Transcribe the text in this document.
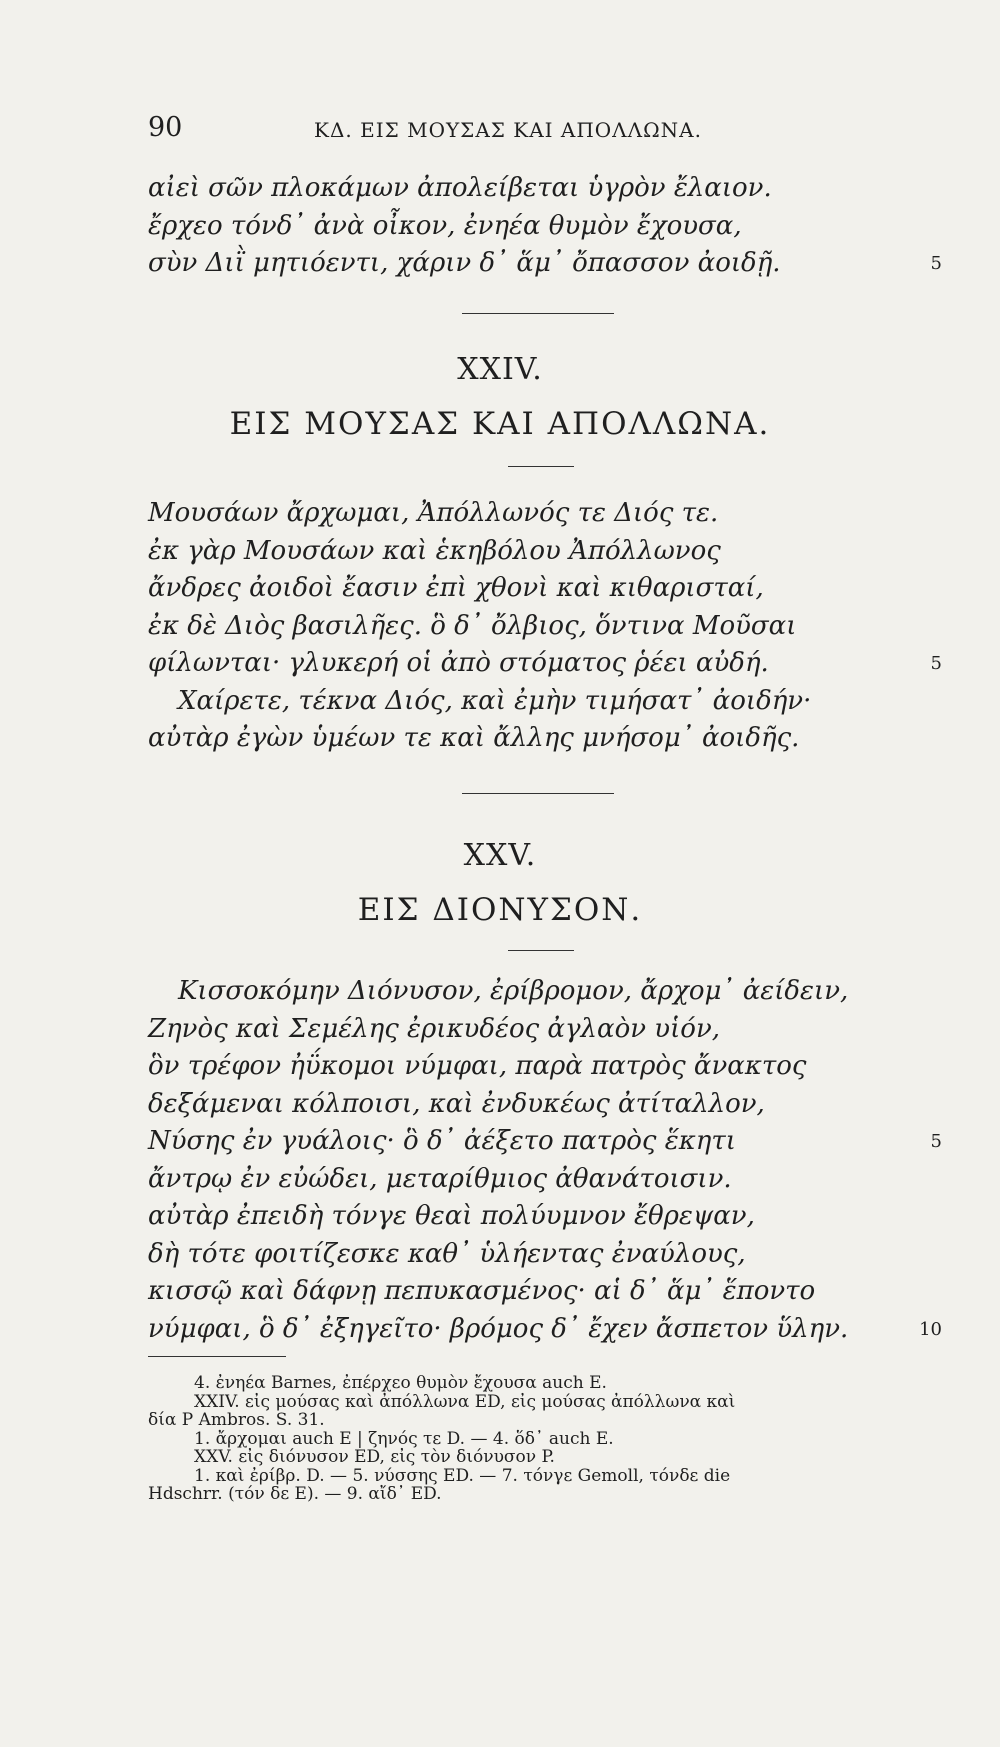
90	ΚΔ. ΕΙΣ ΜΟΥΣΑΣ ΚΑΙ ΑΠΟΛΛΩΝΑ.
αἰεὶ σῶν πλοκάμων ἀπολείβεται ὑγρὸν ἔλαιον.
ἔρχεο τόνδ᾽ ἀνὰ οἶκον, ἐνηέα θυμὸν ἔχουσα,
σὺν Διῒ μητιόεντι, χάριν δ᾽ ἅμ᾽ ὄπασσον ἀοιδῇ.	5
XXIV.
ΕΙΣ ΜΟΥΣΑΣ ΚΑΙ ΑΠΟΛΛΩΝΑ.
Μουσάων ἄρχωμαι, Ἀπόλλωνός τε Διός τε.
ἐκ γὰρ Μουσάων καὶ ἑκηβόλου Ἀπόλλωνος
ἄνδρες ἀοιδοὶ ἔασιν ἐπὶ χθονὶ καὶ κιθαρισταί,
ἐκ δὲ Διὸς βασιλῆες. ὃ δ᾽ ὄλβιος, ὅντινα Μοῦσαι
φίλωνται· γλυκερή οἱ ἀπὸ στόματος ῥέει αὐδή.	5
Χαίρετε, τέκνα Διός, καὶ ἐμὴν τιμήσατ᾽ ἀοιδήν·
αὐτὰρ ἐγὼν ὑμέων τε καὶ ἄλλης μνήσομ᾽ ἀοιδῆς.
XXV.
ΕΙΣ ΔΙΟΝΥΣΟΝ.
Κισσοκόμην Διόνυσον, ἐρίβρομον, ἄρχομ᾽ ἀείδειν,
Ζηνὸς καὶ Σεμέλης ἐρικυδέος ἀγλαὸν υἱόν,
ὃν τρέφον ἠΰκομοι νύμφαι, παρὰ πατρὸς ἄνακτος
δεξάμεναι κόλποισι, καὶ ἐνδυκέως ἀτίταλλον,
Νύσης ἐν γυάλοις· ὃ δ᾽ ἀέξετο πατρὸς ἕκητι	5
ἄντρῳ ἐν εὐώδει, μεταρίθμιος ἀθανάτοισιν.
αὐτὰρ ἐπειδὴ τόνγε θεαὶ πολύυμνον ἔθρεψαν,
δὴ τότε φοιτίζεσκε καθ᾽ ὑλήεντας ἐναύλους,
κισσῷ καὶ δάφνῃ πεπυκασμένος· αἱ δ᾽ ἅμ᾽ ἕποντο
νύμφαι, ὃ δ᾽ ἐξηγεῖτο· βρόμος δ᾽ ἔχεν ἄσπετον ὕλην.	10
4. ἐνηέα Barnes, ἐπέρχεο θυμὸν ἔχουσα auch E.
XXIV. εἰς μούσας καὶ ἀπόλλωνα ED, εἰς μούσας ἀπόλλωνα καὶ
δία P Ambros. S. 31.
1. ἄρχομαι auch E | ζηνός τε D. — 4. ὅδ᾽ auch E.
XXV. εἰς διόνυσον ED, εἰς τὸν διόνυσον P.
1. καὶ ἐρίβρ. D. — 5. νύσσης ED. — 7. τόνγε Gemoll, τόνδε die
Hdschrr. (τόν δε E). — 9. αἴδ᾽ ED.
